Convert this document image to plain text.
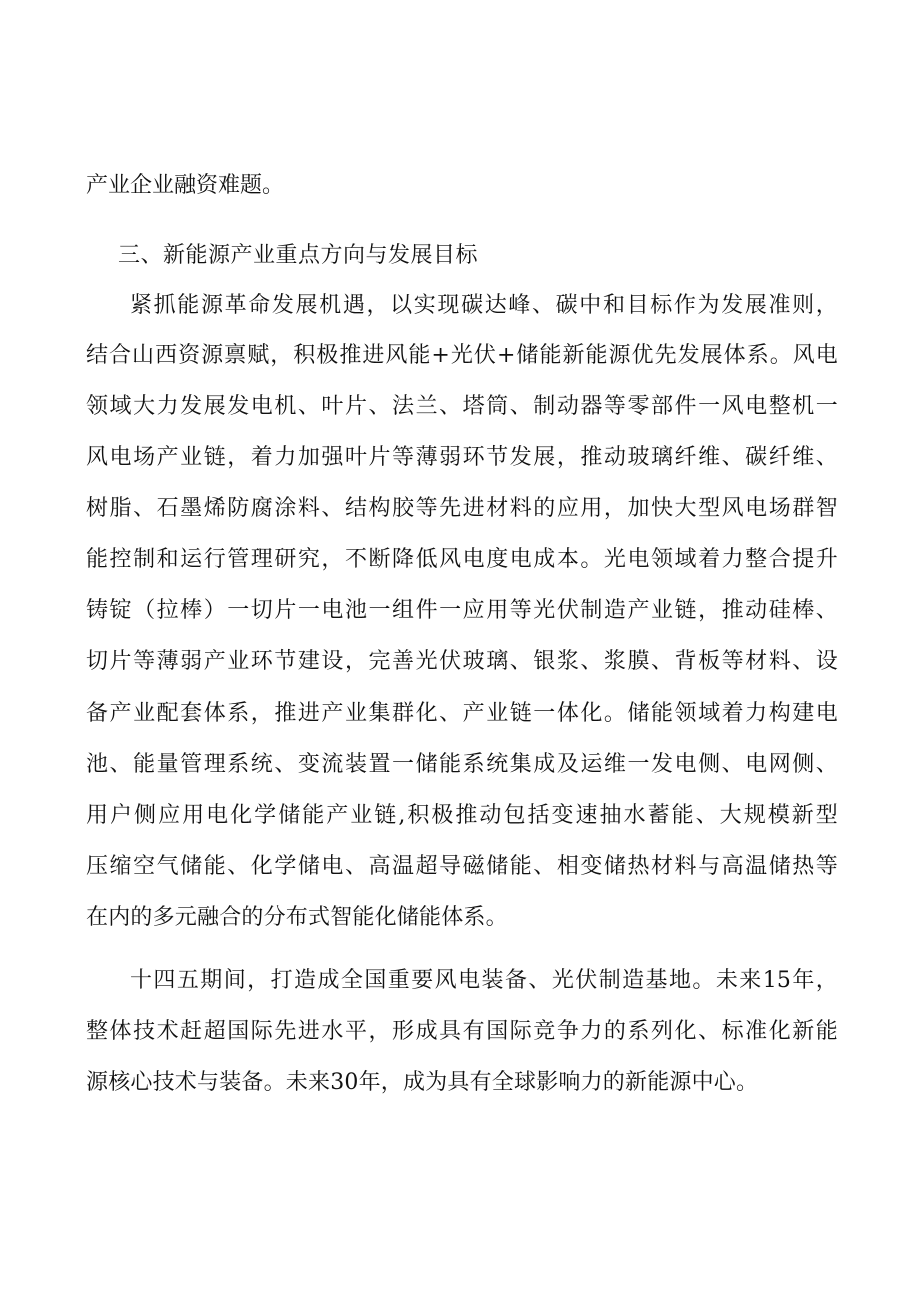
产业企业融资难题。
三、新能源产业重点方向与发展目标
紧抓能源革命发展机遇，以实现碳达峰、碳中和目标作为发展准则，
结合山西资源禀赋，积极推进风能+光伏+储能新能源优先发展体系。风电
领域大力发展发电机、叶片、法兰、塔筒、制动器等零部件一风电整机一
风电场产业链，着力加强叶片等薄弱环节发展，推动玻璃纤维、碳纤维、
树脂、石墨烯防腐涂料、结构胶等先进材料的应用，加快大型风电场群智
能控制和运行管理研究，不断降低风电度电成本。光电领域着力整合提升
铸锭（拉棒）一切片一电池一组件一应用等光伏制造产业链，推动硅棒、
切片等薄弱产业环节建设，完善光伏玻璃、银浆、浆膜、背板等材料、设
备产业配套体系，推进产业集群化、产业链一体化。储能领域着力构建电
池、能量管理系统、变流装置一储能系统集成及运维一发电侧、电网侧、
用户侧应用电化学储能产业链,积极推动包括变速抽水蓄能、大规模新型
压缩空气储能、化学储电、高温超导磁储能、相变储热材料与高温储热等
在内的多元融合的分布式智能化储能体系。
十四五期间，打造成全国重要风电装备、光伏制造基地。未来15年，
整体技术赶超国际先进水平，形成具有国际竞争力的系列化、标准化新能
源核心技术与装备。未来30年，成为具有全球影响力的新能源中心。
